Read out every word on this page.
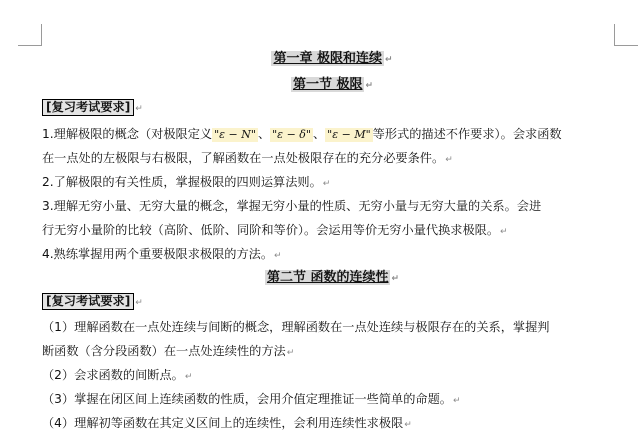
第一章 极限和连续 ↵
第一节 极限 ↵
[复习考试要求] ↵
1.理解极限的概念（对极限定义 "ε − N" 、 "ε − δ" 、 "ε − M" 等形式的描述不作要求）。会求函数
在一点处的左极限与右极限，了解函数在一点处极限存在的充分必要条件。↵
2.了解极限的有关性质，掌握极限的四则运算法则。↵
3.理解无穷小量、无穷大量的概念，掌握无穷小量的性质、无穷小量与无穷大量的关系。会进
行无穷小量阶的比较（高阶、低阶、同阶和等价）。会运用等价无穷小量代换求极限。↵
4.熟练掌握用两个重要极限求极限的方法。↵
第二节 函数的连续性 ↵
[复习考试要求] ↵
（1）理解函数在一点处连续与间断的概念，理解函数在一点处连续与极限存在的关系，掌握判
断函数（含分段函数）在一点处连续性的方法↵
（2）会求函数的间断点。↵
（3）掌握在闭区间上连续函数的性质，会用介值定理推证一些简单的命题。↵
（4）理解初等函数在其定义区间上的连续性，会利用连续性求极限↵
